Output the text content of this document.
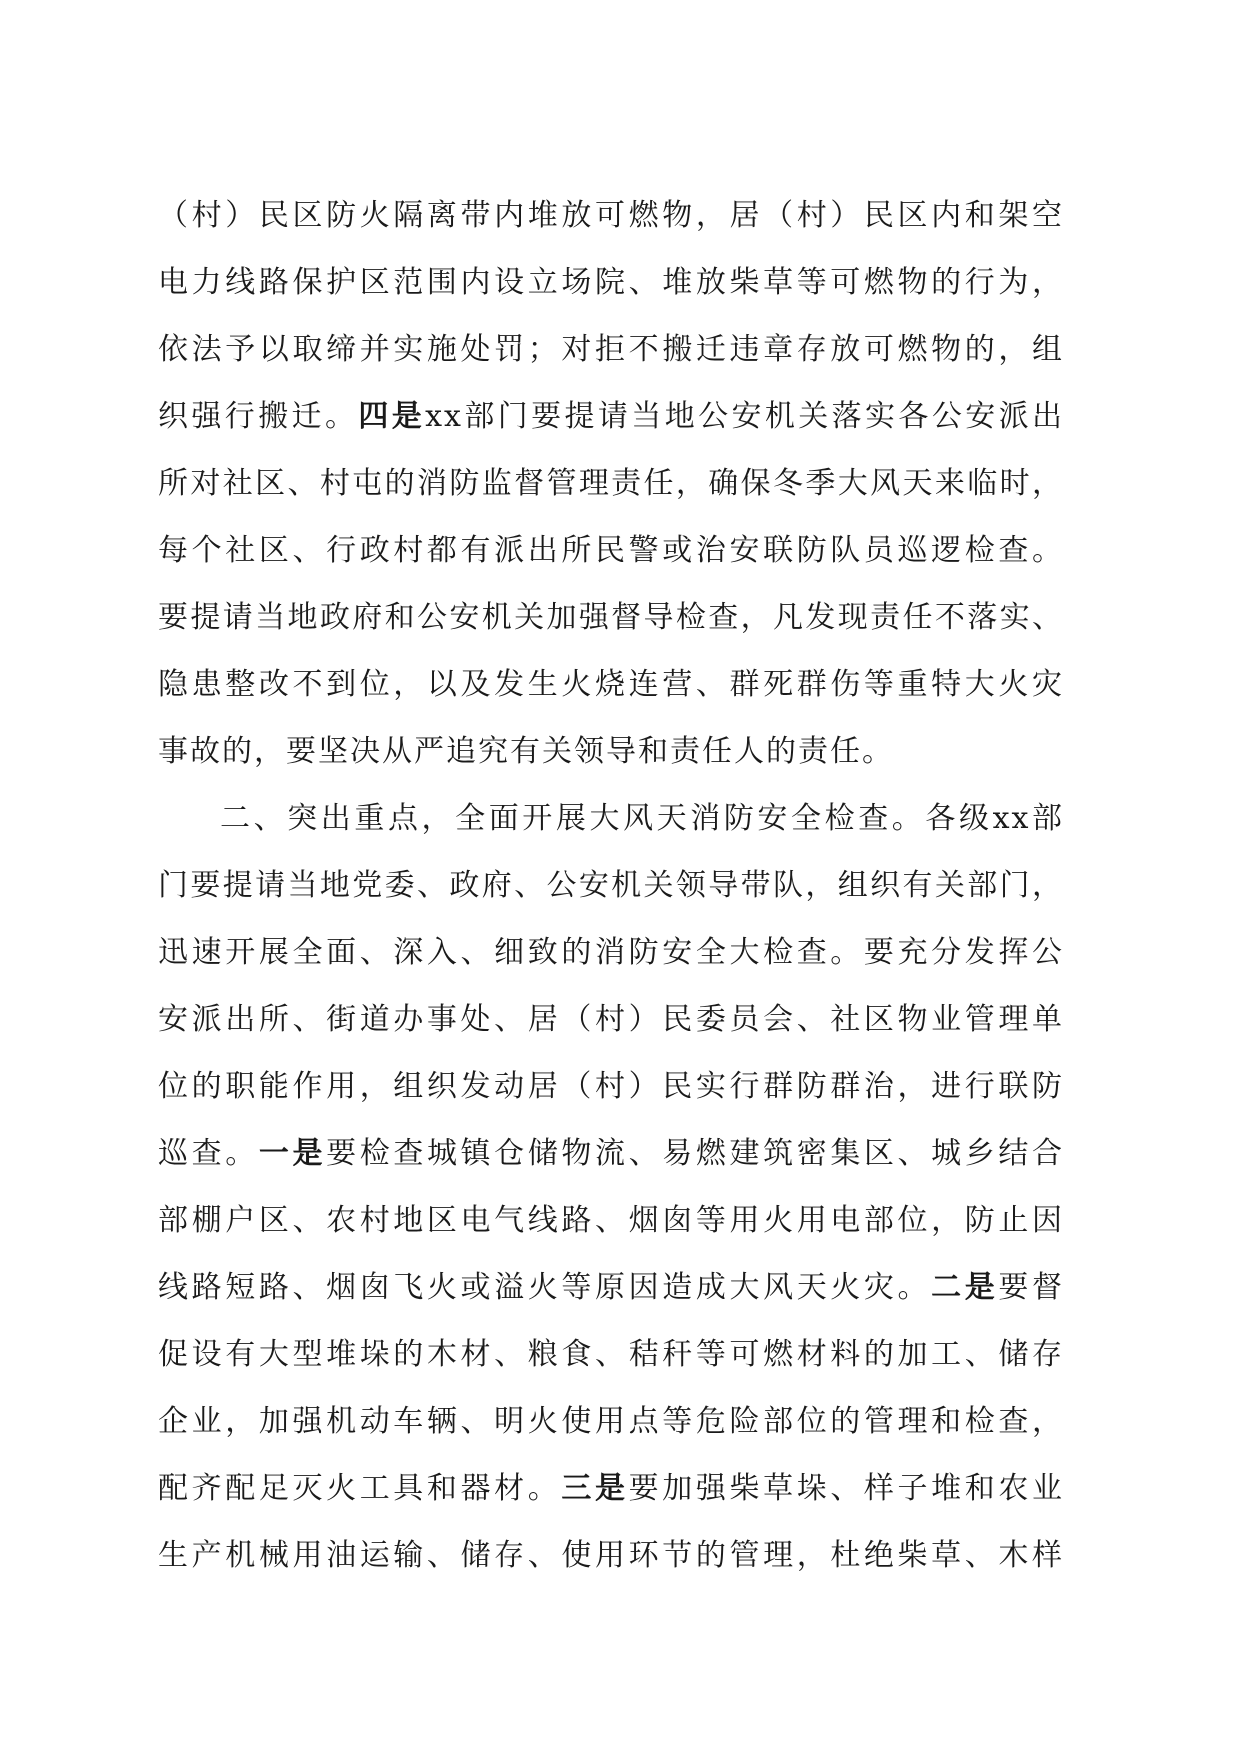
（村）民区防火隔离带内堆放可燃物，居（村）民区内和架空
电力线路保护区范围内设立场院、堆放柴草等可燃物的行为，
依法予以取缔并实施处罚；对拒不搬迁违章存放可燃物的，组
织强行搬迁。四是xx部门要提请当地公安机关落实各公安派出
所对社区、村屯的消防监督管理责任，确保冬季大风天来临时，
每个社区、行政村都有派出所民警或治安联防队员巡逻检查。
要提请当地政府和公安机关加强督导检查，凡发现责任不落实、
隐患整改不到位，以及发生火烧连营、群死群伤等重特大火灾
事故的，要坚决从严追究有关领导和责任人的责任。
二、突出重点，全面开展大风天消防安全检查。各级xx部
门要提请当地党委、政府、公安机关领导带队，组织有关部门，
迅速开展全面、深入、细致的消防安全大检查。要充分发挥公
安派出所、街道办事处、居（村）民委员会、社区物业管理单
位的职能作用，组织发动居（村）民实行群防群治，进行联防
巡查。一是要检查城镇仓储物流、易燃建筑密集区、城乡结合
部棚户区、农村地区电气线路、烟囱等用火用电部位，防止因
线路短路、烟囱飞火或溢火等原因造成大风天火灾。二是要督
促设有大型堆垛的木材、粮食、秸秆等可燃材料的加工、储存
企业，加强机动车辆、明火使用点等危险部位的管理和检查，
配齐配足灭火工具和器材。三是要加强柴草垛、样子堆和农业
生产机械用油运输、储存、使用环节的管理，杜绝柴草、木样
